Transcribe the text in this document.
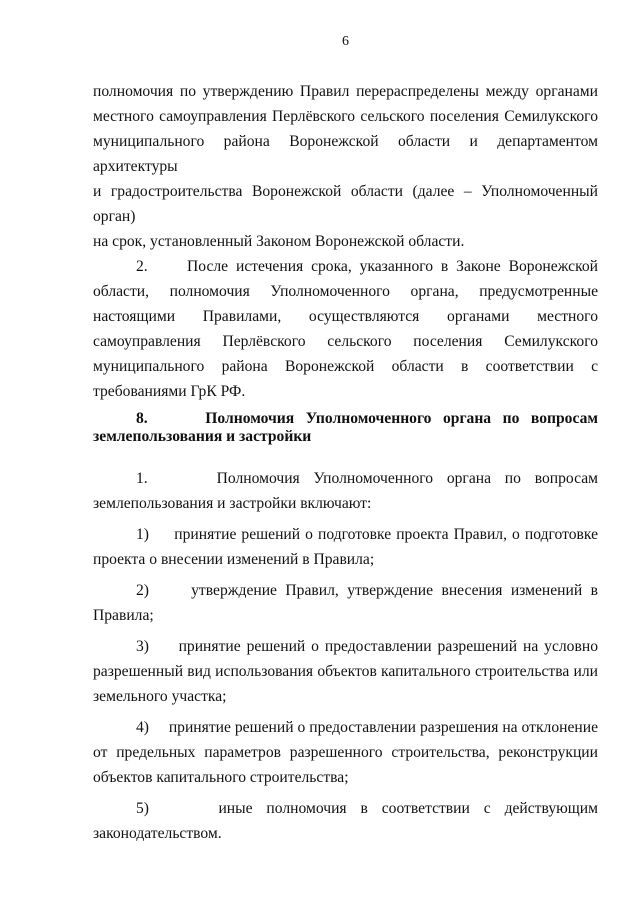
6

полномочия по утверждению Правил перераспределены между органами

местного самоуправления Перлёвского сельского поселения Семилукского

муниципального района Воронежской области и департаментом архитектуры

и градостроительства Воронежской области (далее – Уполномоченный орган)

на срок, установленный Законом Воронежской области.

2.     После истечения срока, указанного в Законе Воронежской

области, полномочия Уполномоченного органа, предусмотренные

настоящими Правилами, осуществляются органами местного

самоуправления Перлёвского сельского поселения Семилукского

муниципального района Воронежской области в соответствии с

требованиями ГрК РФ.

8.	Полномочия Уполномоченного органа по вопросам
землепользования и застройки

1.     Полномочия Уполномоченного органа по вопросам

землепользования и застройки включают:

1)     принятие решений о подготовке проекта Правил, о подготовке

проекта о внесении изменений в Правила;

2)     утверждение Правил, утверждение внесения изменений в

Правила;

3)     принятие решений о предоставлении разрешений на условно

разрешенный вид использования объектов капитального строительства или

земельного участка;

4)     принятие решений о предоставлении разрешения на отклонение

от предельных параметров разрешенного строительства, реконструкции

объектов капитального строительства;

5)     иные полномочия в соответствии с действующим

законодательством.
